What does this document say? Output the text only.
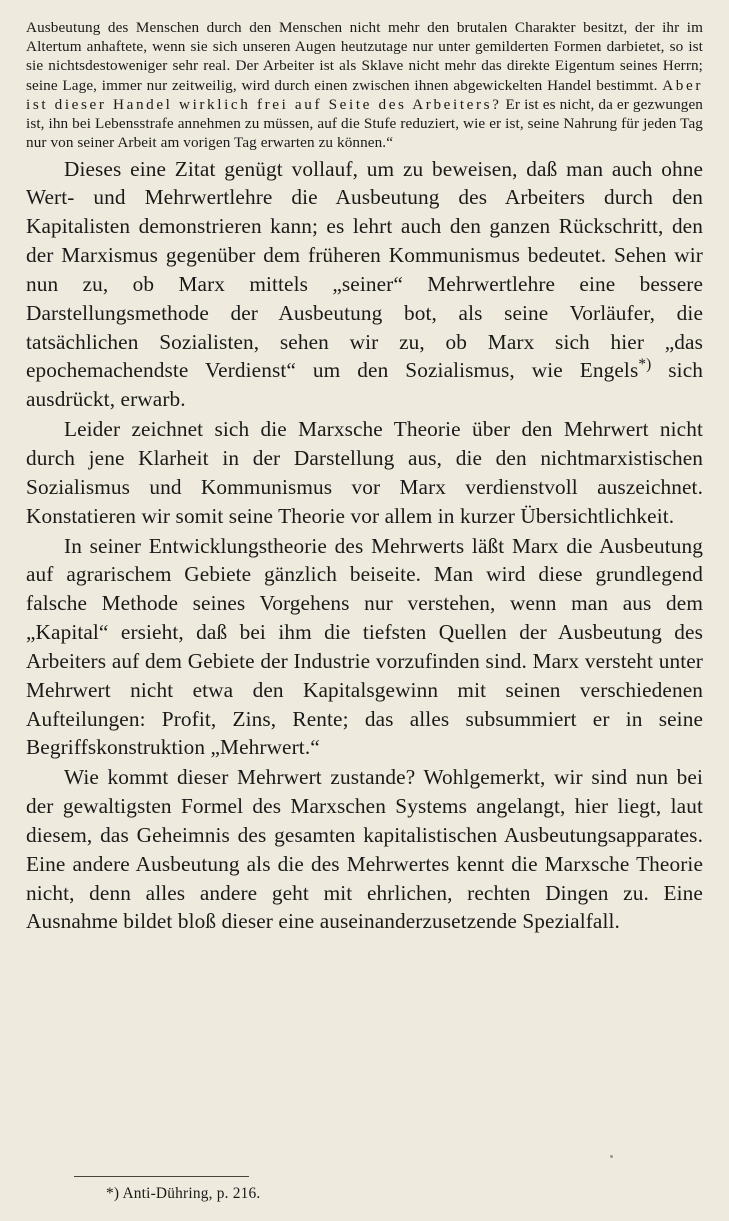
Ausbeutung des Menschen durch den Menschen nicht mehr den brutalen Charakter besitzt, der ihr im Altertum anhaftete, wenn sie sich unseren Augen heutzutage nur unter gemilderten Formen darbietet, so ist sie nichtsdestoweniger sehr real. Der Arbeiter ist als Sklave nicht mehr das direkte Eigentum seines Herrn; seine Lage, immer nur zeitweilig, wird durch einen zwischen ihnen abgewickelten Handel bestimmt. Aber ist dieser Handel wirklich frei auf Seite des Arbeiters? Er ist es nicht, da er gezwungen ist, ihn bei Lebensstrafe annehmen zu müssen, auf die Stufe reduziert, wie er ist, seine Nahrung für jeden Tag nur von seiner Arbeit am vorigen Tag erwarten zu können.“

Dieses eine Zitat genügt vollauf, um zu beweisen, daß man auch ohne Wert- und Mehrwertlehre die Ausbeutung des Arbeiters durch den Kapitalisten demonstrieren kann; es lehrt auch den ganzen Rückschritt, den der Marxismus gegenüber dem früheren Kommunismus bedeutet. Sehen wir nun zu, ob Marx mittels „seiner“ Mehrwertlehre eine bessere Darstellungsmethode der Ausbeutung bot, als seine Vorläufer, die tatsächlichen Sozialisten, sehen wir zu, ob Marx sich hier „das epochemachendste Verdienst“ um den Sozialismus, wie Engels*) sich ausdrückt, erwarb.

Leider zeichnet sich die Marxsche Theorie über den Mehrwert nicht durch jene Klarheit in der Darstellung aus, die den nichtmarxistischen Sozialismus und Kommunismus vor Marx verdienstvoll auszeichnet. Konstatieren wir somit seine Theorie vor allem in kurzer Übersichtlichkeit.

In seiner Entwicklungstheorie des Mehrwerts läßt Marx die Ausbeutung auf agrarischem Gebiete gänzlich beiseite. Man wird diese grundlegend falsche Methode seines Vorgehens nur verstehen, wenn man aus dem „Kapital“ ersieht, daß bei ihm die tiefsten Quellen der Ausbeutung des Arbeiters auf dem Gebiete der Industrie vorzufinden sind. Marx versteht unter Mehrwert nicht etwa den Kapitalsgewinn mit seinen verschiedenen Aufteilungen: Profit, Zins, Rente; das alles subsummiert er in seine Begriffskonstruktion „Mehrwert.“

Wie kommt dieser Mehrwert zustande? Wohlgemerkt, wir sind nun bei der gewaltigsten Formel des Marxschen Systems angelangt, hier liegt, laut diesem, das Geheimnis des gesamten kapitalistischen Ausbeutungsapparates. Eine andere Ausbeutung als die des Mehrwertes kennt die Marxsche Theorie nicht, denn alles andere geht mit ehrlichen, rechten Dingen zu. Eine Ausnahme bildet bloß dieser eine auseinanderzusetzende Spezialfall.

*) Anti-Dühring, p. 216.
